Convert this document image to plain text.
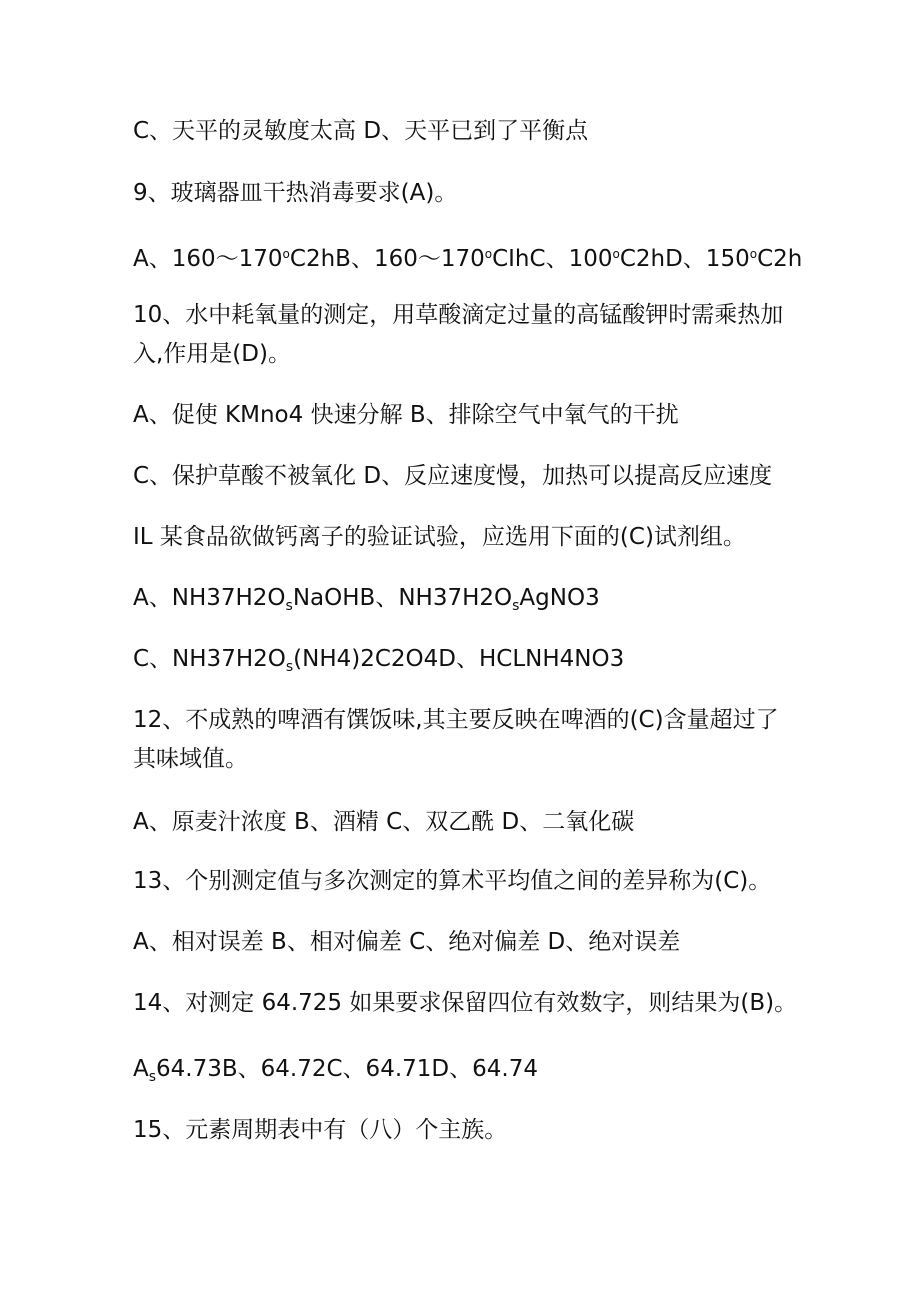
C、天平的灵敏度太高 D、天平已到了平衡点
9、玻璃器皿干热消毒要求(A)。
A、160～170$^o$C2hB、160～170$^o$CIhC、100$^o$C2hD、150$^o$C2h
10、水中耗氧量的测定，用草酸滴定过量的高锰酸钾时需乘热加
入,作用是(D)。
A、促使 KMno4 快速分解 B、排除空气中氧气的干扰
C、保护草酸不被氧化 D、反应速度慢，加热可以提高反应速度
IL 某食品欲做钙离子的验证试验，应选用下面的(C)试剂组。
A、$NH37H2O_sNaOHB$、$NH37H2O_sAgNO3$
C、$NH37H2O_s(NH4)2C2O4D$、HCLNH4NO3
12、不成熟的啤酒有馔饭味,其主要反映在啤酒的(C)含量超过了
其味域值。
A、原麦汁浓度 B、酒精 C、双乙酰 D、二氧化碳
13、个别测定值与多次测定的算术平均值之间的差异称为(C)。
A、相对误差 B、相对偏差 C、绝对偏差 D、绝对误差
14、对测定 64.725 如果要求保留四位有效数字，则结果为(B)。
$A_s64.73B$、64.72C、64.71D、64.74
15、元素周期表中有（八）个主族。
